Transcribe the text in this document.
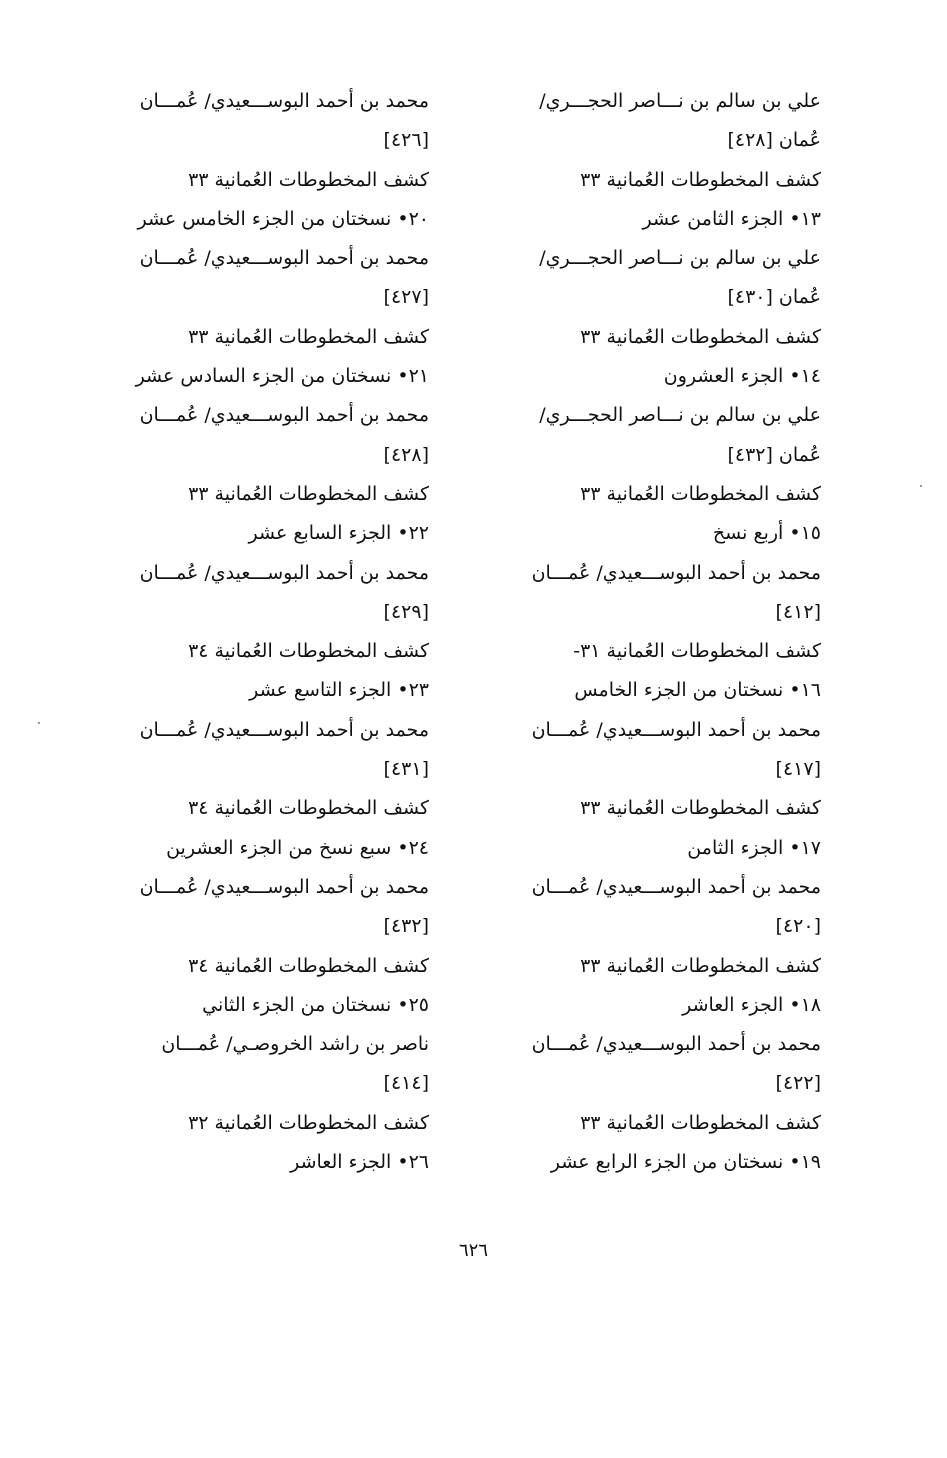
علي بن سالم بن نـــاصر الحجـــري/
عُمان [٤٢٨]
كشف المخطوطات العُمانية ٣٣
١٣• الجزء الثامن عشر
علي بن سالم بن نـــاصر الحجـــري/
عُمان [٤٣٠]
كشف المخطوطات العُمانية ٣٣
١٤• الجزء العشرون
علي بن سالم بن نـــاصر الحجـــري/
عُمان [٤٣٢]
كشف المخطوطات العُمانية ٣٣
١٥• أربع نسخ
محمد بن أحمد البوســـعيدي/ عُمـــان
[٤١٢]
كشف المخطوطات العُمانية ٣١-
١٦• نسختان من الجزء الخامس
محمد بن أحمد البوســـعيدي/ عُمـــان
[٤١٧]
كشف المخطوطات العُمانية ٣٣
١٧• الجزء الثامن
محمد بن أحمد البوســـعيدي/ عُمـــان
[٤٢٠]
كشف المخطوطات العُمانية ٣٣
١٨• الجزء العاشر
محمد بن أحمد البوســـعيدي/ عُمـــان
[٤٢٢]
كشف المخطوطات العُمانية ٣٣
١٩• نسختان من الجزء الرابع عشر
محمد بن أحمد البوســـعيدي/ عُمـــان
[٤٢٦]
كشف المخطوطات العُمانية ٣٣
٢٠• نسختان من الجزء الخامس عشر
محمد بن أحمد البوســـعيدي/ عُمـــان
[٤٢٧]
كشف المخطوطات العُمانية ٣٣
٢١• نسختان من الجزء السادس عشر
محمد بن أحمد البوســـعيدي/ عُمـــان
[٤٢٨]
كشف المخطوطات العُمانية ٣٣
٢٢• الجزء السابع عشر
محمد بن أحمد البوســـعيدي/ عُمـــان
[٤٢٩]
كشف المخطوطات العُمانية ٣٤
٢٣• الجزء التاسع عشر
محمد بن أحمد البوســـعيدي/ عُمـــان
[٤٣١]
كشف المخطوطات العُمانية ٣٤
٢٤• سبع نسخ من الجزء العشرين
محمد بن أحمد البوســـعيدي/ عُمـــان
[٤٣٢]
كشف المخطوطات العُمانية ٣٤
٢٥• نسختان من الجزء الثاني
ناصر بن راشد الخروصـي/ عُمـــان
[٤١٤]
كشف المخطوطات العُمانية ٣٢
٢٦• الجزء العاشر
٦٢٦
